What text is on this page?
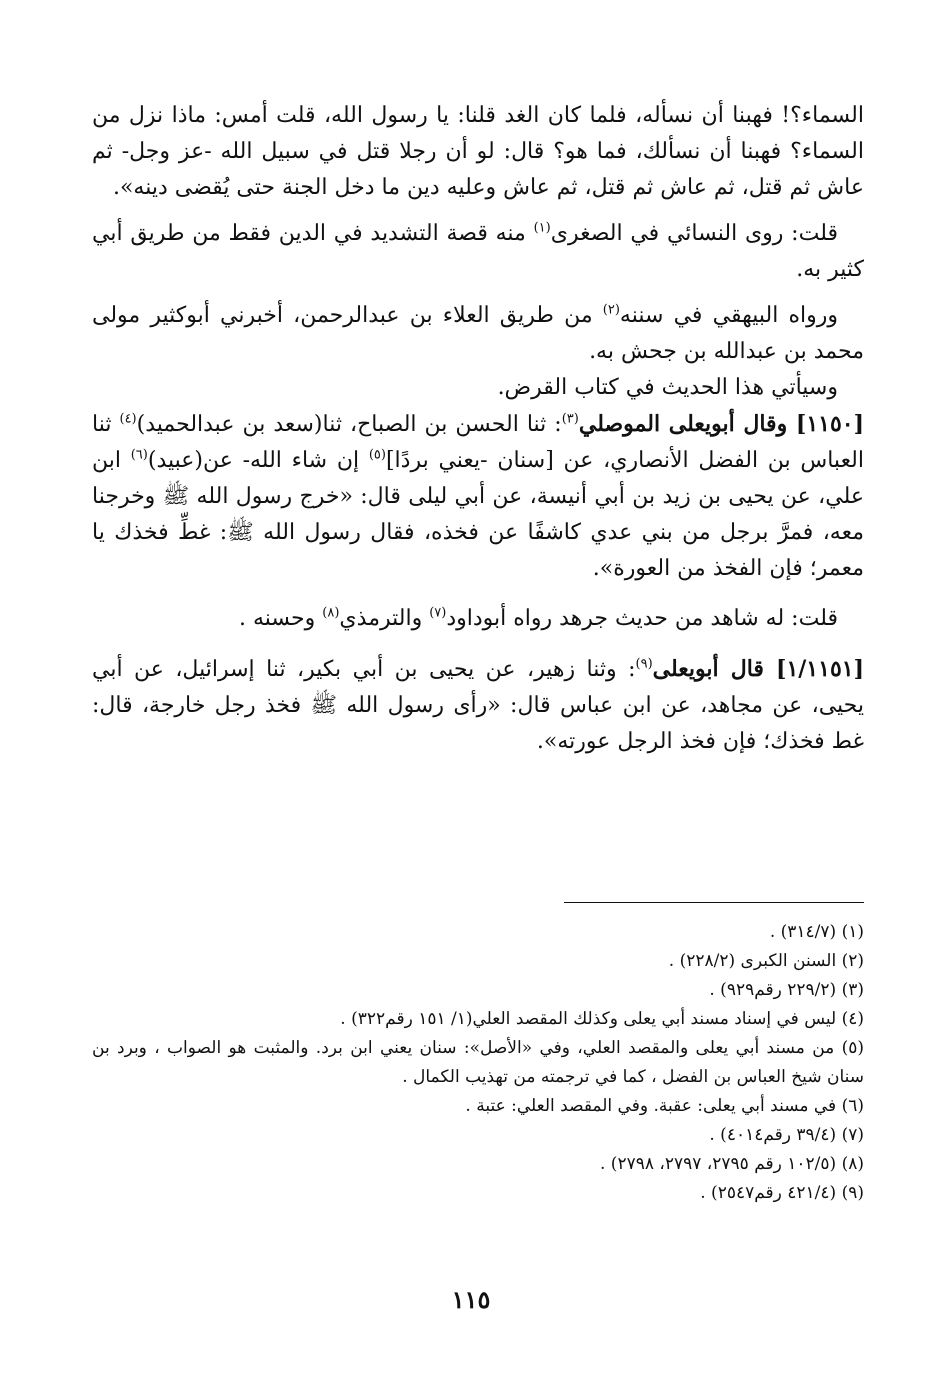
السماء؟! فهبنا أن نسأله، فلما كان الغد قلنا: يا رسول الله، قلت أمس: ماذا نزل من السماء؟ فهبنا أن نسألك، فما هو؟ قال: لو أن رجلا قتل في سبيل الله -عز وجل- ثم عاش ثم قتل، ثم عاش ثم قتل، ثم عاش وعليه دين ما دخل الجنة حتى يُقضى دينه».

قلت: روى النسائي في الصغرى$^{(١)}$ منه قصة التشديد في الدين فقط من طريق أبي كثير به.

ورواه البيهقي في سننه$^{(٢)}$ من طريق العلاء بن عبدالرحمن، أخبرني أبوكثير مولى محمد بن عبدالله بن جحش به.

وسيأتي هذا الحديث في كتاب القرض.

[١١٥٠] وقال أبويعلى الموصلي$^{(٣)}$: ثنا الحسن بن الصباح، ثنا(سعد بن عبدالحميد)$^{(٤)}$ ثنا العباس بن الفضل الأنصاري، عن [سنان -يعني بردًا]$^{(٥)}$ إن شاء الله- عن(عبيد)$^{(٦)}$ ابن علي، عن يحيى بن زيد بن أبي أنيسة، عن أبي ليلى قال: «خرج رسول الله ﷺ وخرجنا معه، فمرَّ برجل من بني عدي كاشفًا عن فخذه، فقال رسول الله ﷺ: غطِّ فخذك يا معمر؛ فإن الفخذ من العورة».

قلت: له شاهد من حديث جرهد رواه أبوداود$^{(٧)}$ والترمذي$^{(٨)}$ وحسنه .

[١/١١٥١] قال أبويعلى$^{(٩)}$: وثنا زهير، عن يحيى بن أبي بكير، ثنا إسرائيل، عن أبي يحيى، عن مجاهد، عن ابن عباس قال: «رأى رسول الله ﷺ فخذ رجل خارجة، قال: غط فخذك؛ فإن فخذ الرجل عورته».

(١) (٣١٤/٧) .

(٢) السنن الكبرى (٢٢٨/٢) .

(٣) (٢٢٩/٢ رقم٩٢٩) .

(٤) ليس في إسناد مسند أبي يعلى وكذلك المقصد العلي(١/ ١٥١ رقم٣٢٢) .

(٥) من مسند أبي يعلى والمقصد العلي، وفي «الأصل»: سنان يعني ابن برد. والمثبت هو الصواب ، وبرد بن سنان شيخ العباس بن الفضل ، كما في ترجمته من تهذيب الكمال .

(٦) في مسند أبي يعلى: عقبة. وفي المقصد العلي: عتبة .

(٧) (٣٩/٤ رقم٤٠١٤) .

(٨) (١٠٢/٥ رقم ٢٧٩٥، ٢٧٩٧، ٢٧٩٨) .

(٩) (٤٢١/٤ رقم٢٥٤٧) .

١١٥
